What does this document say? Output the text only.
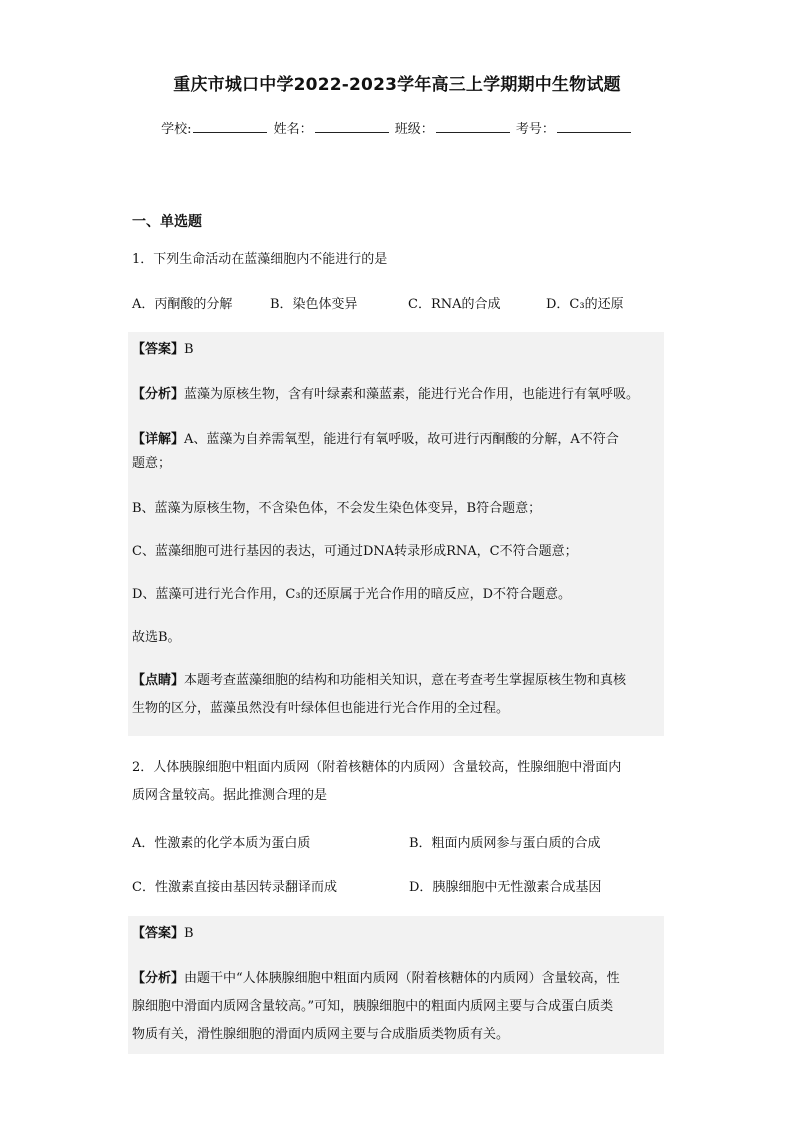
重庆市城口中学2022-2023学年高三上学期期中生物试题
学校:	姓名：	班级：	考号：
一、单选题
1．下列生命活动在蓝藻细胞内不能进行的是
A．丙酮酸的分解	B．染色体变异	C．RNA的合成	D．C₃的还原
【答案】B
【分析】蓝藻为原核生物，含有叶绿素和藻蓝素，能进行光合作用，也能进行有氧呼吸。
【详解】A、蓝藻为自养需氧型，能进行有氧呼吸，故可进行丙酮酸的分解，A不符合
题意；
B、蓝藻为原核生物，不含染色体，不会发生染色体变异，B符合题意；
C、蓝藻细胞可进行基因的表达，可通过DNA转录形成RNA，C不符合题意；
D、蓝藻可进行光合作用，C₃的还原属于光合作用的暗反应，D不符合题意。
故选B。
【点睛】本题考查蓝藻细胞的结构和功能相关知识，意在考查考生掌握原核生物和真核
生物的区分，蓝藻虽然没有叶绿体但也能进行光合作用的全过程。
2．人体胰腺细胞中粗面内质网（附着核糖体的内质网）含量较高，性腺细胞中滑面内
质网含量较高。据此推测合理的是
A．性激素的化学本质为蛋白质	B．粗面内质网参与蛋白质的合成
C．性激素直接由基因转录翻译而成	D．胰腺细胞中无性激素合成基因
【答案】B
【分析】由题干中“人体胰腺细胞中粗面内质网（附着核糖体的内质网）含量较高，性
腺细胞中滑面内质网含量较高。”可知，胰腺细胞中的粗面内质网主要与合成蛋白质类
物质有关，滑性腺细胞的滑面内质网主要与合成脂质类物质有关。
